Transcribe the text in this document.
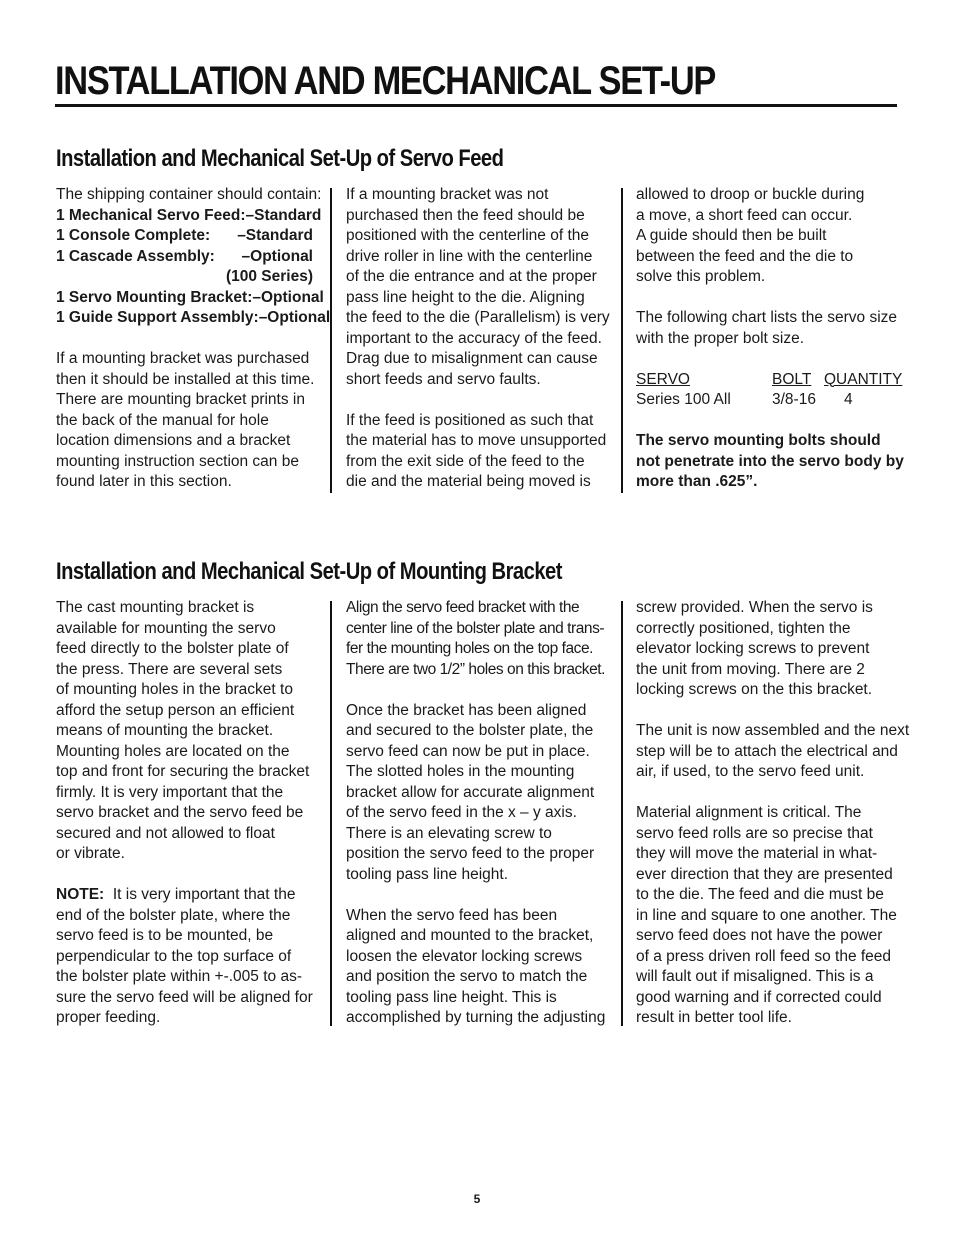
INSTALLATION AND MECHANICAL SET-UP
Installation and Mechanical Set-Up of Servo Feed

The shipping container should contain:

1 Mechanical Servo Feed: –Standard
1 Console Complete: –Standard
1 Cascade Assembly: –Optional
(100 Series)
1 Servo Mounting Bracket: –Optional
1 Guide Support Assembly: –Optional

If a mounting bracket was purchased

then it should be installed at this time.

There are mounting bracket prints in

the back of the manual for hole

location dimensions and a bracket

mounting instruction section can be

found later in this section.

If a mounting bracket was not

purchased then the feed should be

positioned with the centerline of the

drive roller in line with the centerline

of the die entrance and at the proper

pass line height to the die. Aligning

the feed to the die (Parallelism) is very

important to the accuracy of the feed.

Drag due to misalignment can cause

short feeds and servo faults.

If the feed is positioned as such that

the material has to move unsupported

from the exit side of the feed to the

die and the material being moved is

allowed to droop or buckle during

a move, a short feed can occur.

A guide should then be built

between the feed and the die to

solve this problem.

The following chart lists the servo size

with the proper bolt size.

SERVO	BOLT QUANTITY
Series 100 All	3/8-16	4

The servo mounting bolts should

not penetrate into the servo body by

more than .625”.

Installation and Mechanical Set-Up of Mounting Bracket

The cast mounting bracket is

available for mounting the servo

feed directly to the bolster plate of

the press. There are several sets

of mounting holes in the bracket to

afford the setup person an efficient

means of mounting the bracket.

Mounting holes are located on the

top and front for securing the bracket

firmly. It is very important that the

servo bracket and the servo feed be

secured and not allowed to float

or vibrate.

NOTE:  It is very important that the

end of the bolster plate, where the

servo feed is to be mounted, be

perpendicular to the top surface of

the bolster plate within +-.005 to as-

sure the servo feed will be aligned for

proper feeding.

Align the servo feed bracket with the

center line of the bolster plate and trans-

fer the mounting holes on the top face.

There are two 1/2” holes on this bracket.

Once the bracket has been aligned

and secured to the bolster plate, the

servo feed can now be put in place.

The slotted holes in the mounting

bracket allow for accurate alignment

of the servo feed in the x – y axis.

There is an elevating screw to

position the servo feed to the proper

tooling pass line height.

When the servo feed has been

aligned and mounted to the bracket,

loosen the elevator locking screws

and position the servo to match the

tooling pass line height. This is

accomplished by turning the adjusting

screw provided. When the servo is

correctly positioned, tighten the

elevator locking screws to prevent

the unit from moving. There are 2

locking screws on the this bracket.

The unit is now assembled and the next

step will be to attach the electrical and

air, if used, to the servo feed unit.

Material alignment is critical. The

servo feed rolls are so precise that

they will move the material in what-

ever direction that they are presented

to the die. The feed and die must be

in line and square to one another. The

servo feed does not have the power

of a press driven roll feed so the feed

will fault out if misaligned. This is a

good warning and if corrected could

result in better tool life.

5
